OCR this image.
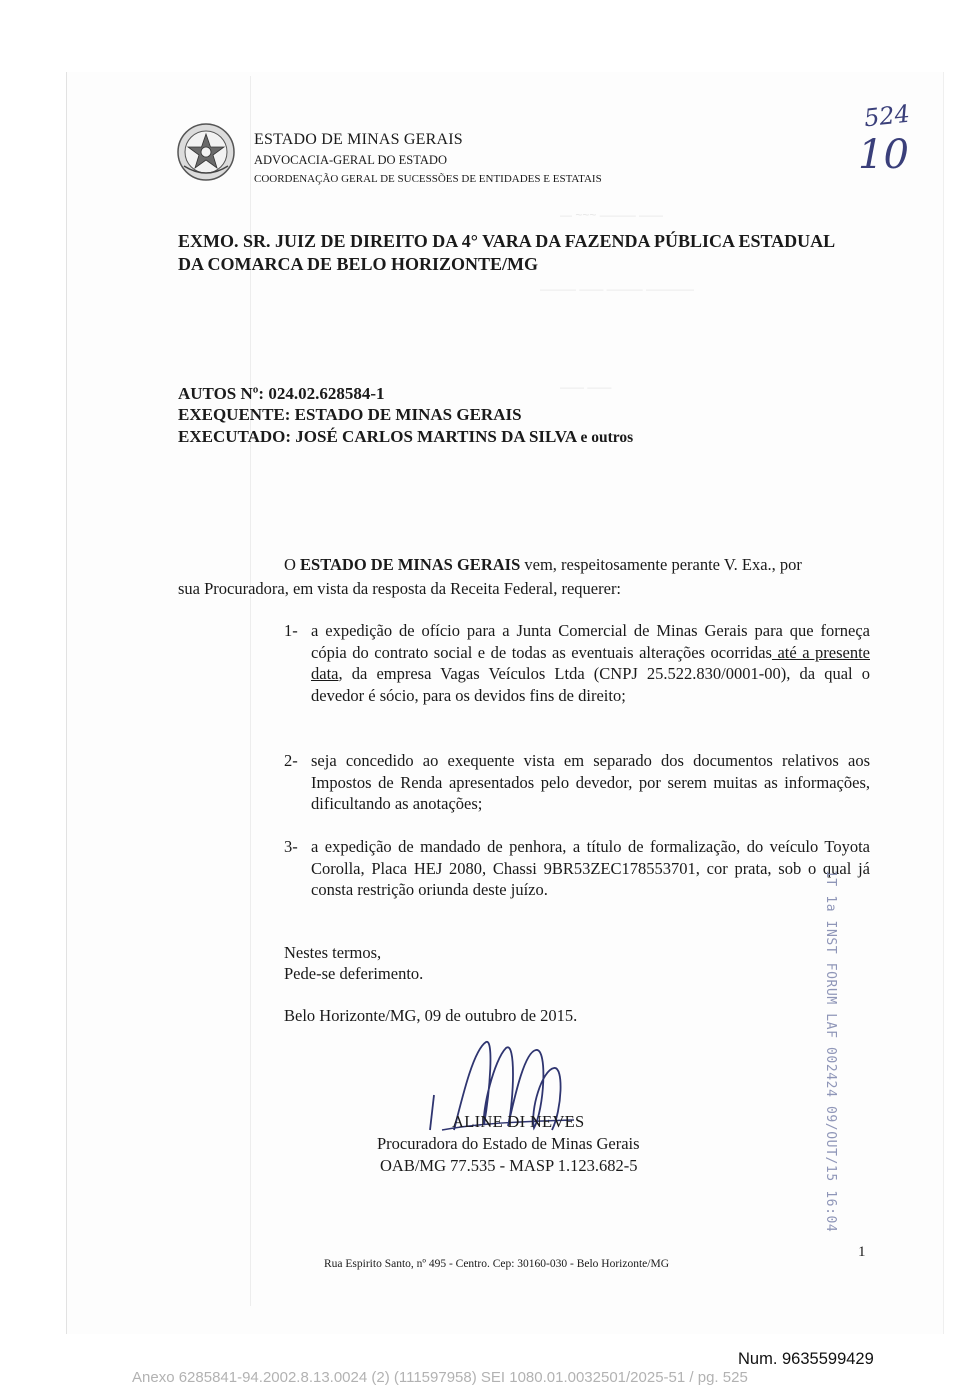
— ~~~ ——— ——
——— —— ——— ————
—— ——
ESTADO DE MINAS GERAIS
ADVOCACIA-GERAL DO ESTADO
COORDENAÇÃO GERAL DE SUCESSÕES DE ENTIDADES E ESTATAIS
524
10
EXMO. SR. JUIZ DE DIREITO DA 4° VARA DA FAZENDA PÚBLICA ESTADUAL
DA COMARCA DE BELO HORIZONTE/MG
AUTOS Nº: 024.02.628584-1
EXEQUENTE: ESTADO DE MINAS GERAIS
EXECUTADO: JOSÉ CARLOS MARTINS DA SILVA e outros
O ESTADO DE MINAS GERAIS vem, respeitosamente perante V. Exa., por
sua Procuradora, em vista da resposta da Receita Federal, requerer:
1- a expedição de ofício para a Junta Comercial de Minas Gerais para que forneça cópia do contrato social e de todas as eventuais alterações ocorridas até a presente data, da empresa Vagas Veículos Ltda (CNPJ 25.522.830/0001-00), da qual o devedor é sócio, para os devidos fins de direito;
2- seja concedido ao exequente vista em separado dos documentos relativos aos Impostos de Renda apresentados pelo devedor, por serem muitas as informações, dificultando as anotações;
3- a expedição de mandado de penhora, a título de formalização, do veículo Toyota Corolla, Placa HEJ 2080, Chassi 9BR53ZEC178553701, cor prata, sob o qual já consta restrição oriunda deste juízo.
Nestes termos,
Pede-se deferimento.
Belo Horizonte/MG, 09 de outubro de 2015.
ALINE DI NEVES
Procuradora do Estado de Minas Gerais
OAB/MG 77.535 - MASP 1.123.682-5	1T 1a INST FORUM LAF 002424 09/OUT/15 16:04
Rua Espirito Santo, nº 495 - Centro. Cep: 30160-030 - Belo Horizonte/MG
1
Num. 9635599429
Anexo 6285841-94.2002.8.13.0024 (2) (111597958) SEI 1080.01.0032501/2025-51 / pg. 525
